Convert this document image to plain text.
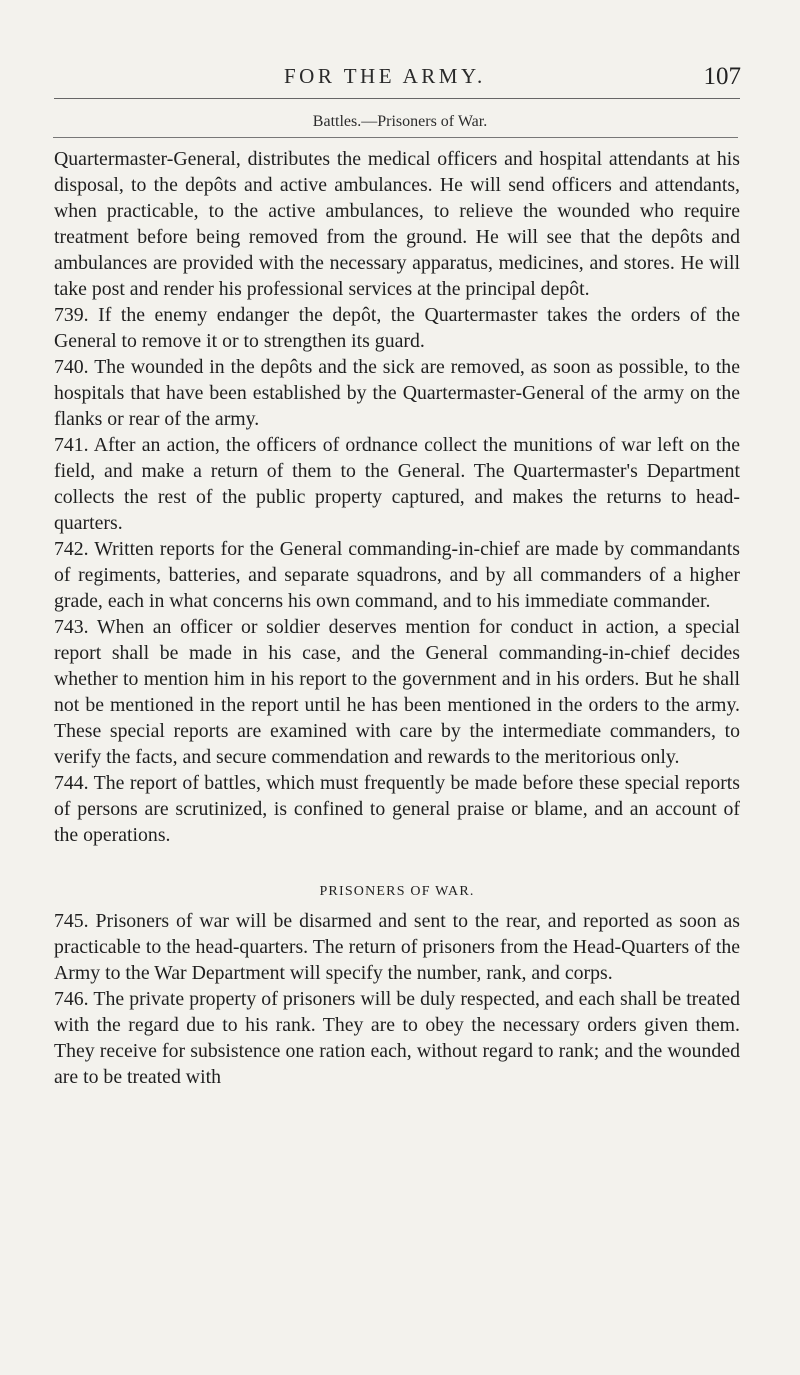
FOR THE ARMY.	107
Battles.—Prisoners of War.

Quartermaster-General, distributes the medical officers and hospital attendants at his disposal, to the depôts and active ambulances. He will send officers and attendants, when practicable, to the active ambulances, to relieve the wounded who require treatment before being removed from the ground. He will see that the depôts and ambulances are provided with the necessary apparatus, medicines, and stores. He will take post and render his professional services at the principal depôt.

739. If the enemy endanger the depôt, the Quartermaster takes the orders of the General to remove it or to strengthen its guard.

740. The wounded in the depôts and the sick are removed, as soon as possible, to the hospitals that have been established by the Quartermaster-General of the army on the flanks or rear of the army.

741. After an action, the officers of ordnance collect the munitions of war left on the field, and make a return of them to the General. The Quartermaster's Department collects the rest of the public property captured, and makes the returns to head-quarters.

742. Written reports for the General commanding-in-chief are made by commandants of regiments, batteries, and separate squadrons, and by all commanders of a higher grade, each in what concerns his own command, and to his immediate commander.

743. When an officer or soldier deserves mention for conduct in action, a special report shall be made in his case, and the General commanding-in-chief decides whether to mention him in his report to the government and in his orders. But he shall not be mentioned in the report until he has been mentioned in the orders to the army. These special reports are examined with care by the intermediate commanders, to verify the facts, and secure commendation and rewards to the meritorious only.

744. The report of battles, which must frequently be made before these special reports of persons are scrutinized, is confined to general praise or blame, and an account of the operations.

PRISONERS OF WAR.

745. Prisoners of war will be disarmed and sent to the rear, and reported as soon as practicable to the head-quarters. The return of prisoners from the Head-Quarters of the Army to the War Department will specify the number, rank, and corps.

746. The private property of prisoners will be duly respected, and each shall be treated with the regard due to his rank. They are to obey the necessary orders given them. They receive for subsistence one ration each, without regard to rank; and the wounded are to be treated with
